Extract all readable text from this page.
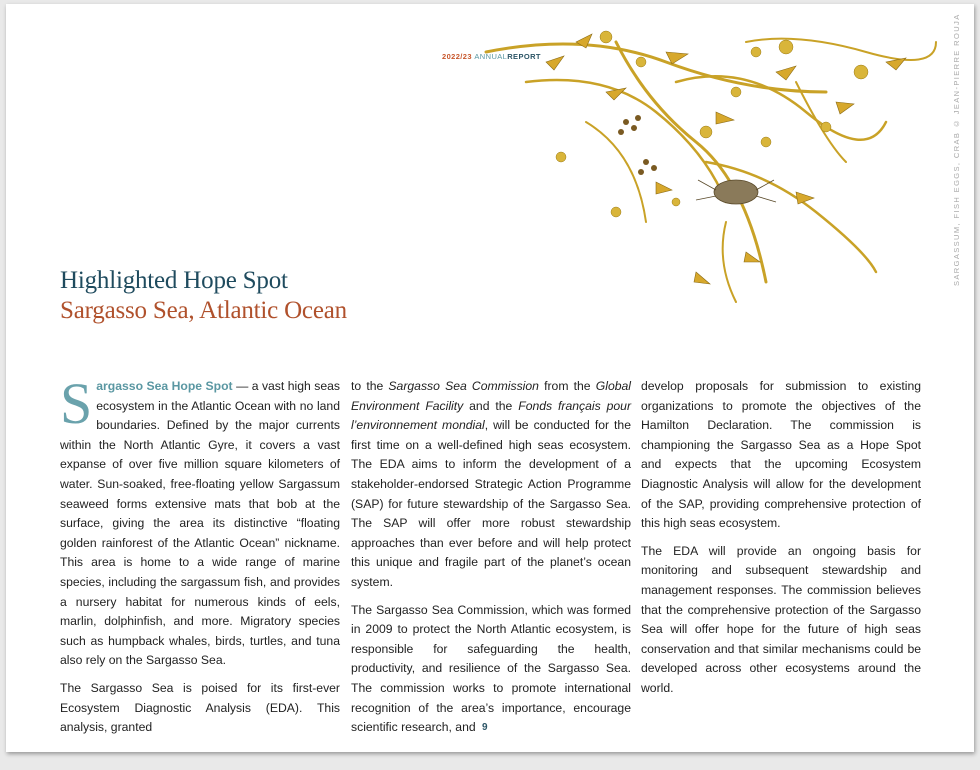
2022/23 ANNUALREPORT	SARGASSUM, FISH EGGS, CRAB © JEAN-PIERRE ROUJA
Highlighted Hope Spot
Sargasso Sea, Atlantic Ocean

Sargasso Sea Hope Spot — a vast high seas ecosystem in the Atlantic Ocean with no land boundaries. Defined by the major currents within the North Atlantic Gyre, it covers a vast expanse of over five million square kilometers of water. Sun-soaked, free-floating yellow Sargassum seaweed forms extensive mats that bob at the surface, giving the area its distinctive “floating golden rainforest of the Atlantic Ocean” nickname. This area is home to a wide range of marine species, including the sargassum fish, and provides a nursery habitat for numerous kinds of eels, marlin, dolphinfish, and more. Migratory species such as humpback whales, birds, turtles, and tuna also rely on the Sargasso Sea.

The Sargasso Sea is poised for its first-ever Ecosystem Diagnostic Analysis (EDA). This analysis, granted

to the Sargasso Sea Commission from the Global Environment Facility and the Fonds français pour l’environnement mondial, will be conducted for the first time on a well-defined high seas ecosystem. The EDA aims to inform the development of a stakeholder-endorsed Strategic Action Programme (SAP) for future stewardship of the Sargasso Sea. The SAP will offer more robust stewardship approaches than ever before and will help protect this unique and fragile part of the planet’s ocean system.

The Sargasso Sea Commission, which was formed in 2009 to protect the North Atlantic ecosystem, is responsible for safeguarding the health, productivity, and resilience of the Sargasso Sea. The commission works to promote international recognition of the area’s importance, encourage scientific research, and

develop proposals for submission to existing organizations to promote the objectives of the Hamilton Declaration. The commission is championing the Sargasso Sea as a Hope Spot and expects that the upcoming Ecosystem Diagnostic Analysis will allow for the development of the SAP, providing comprehensive protection of this high seas ecosystem.

The EDA will provide an ongoing basis for monitoring and subsequent stewardship and management responses. The commission believes that the comprehensive protection of the Sargasso Sea will offer hope for the future of high seas conservation and that similar mechanisms could be developed across other ecosystems around the world.

9
